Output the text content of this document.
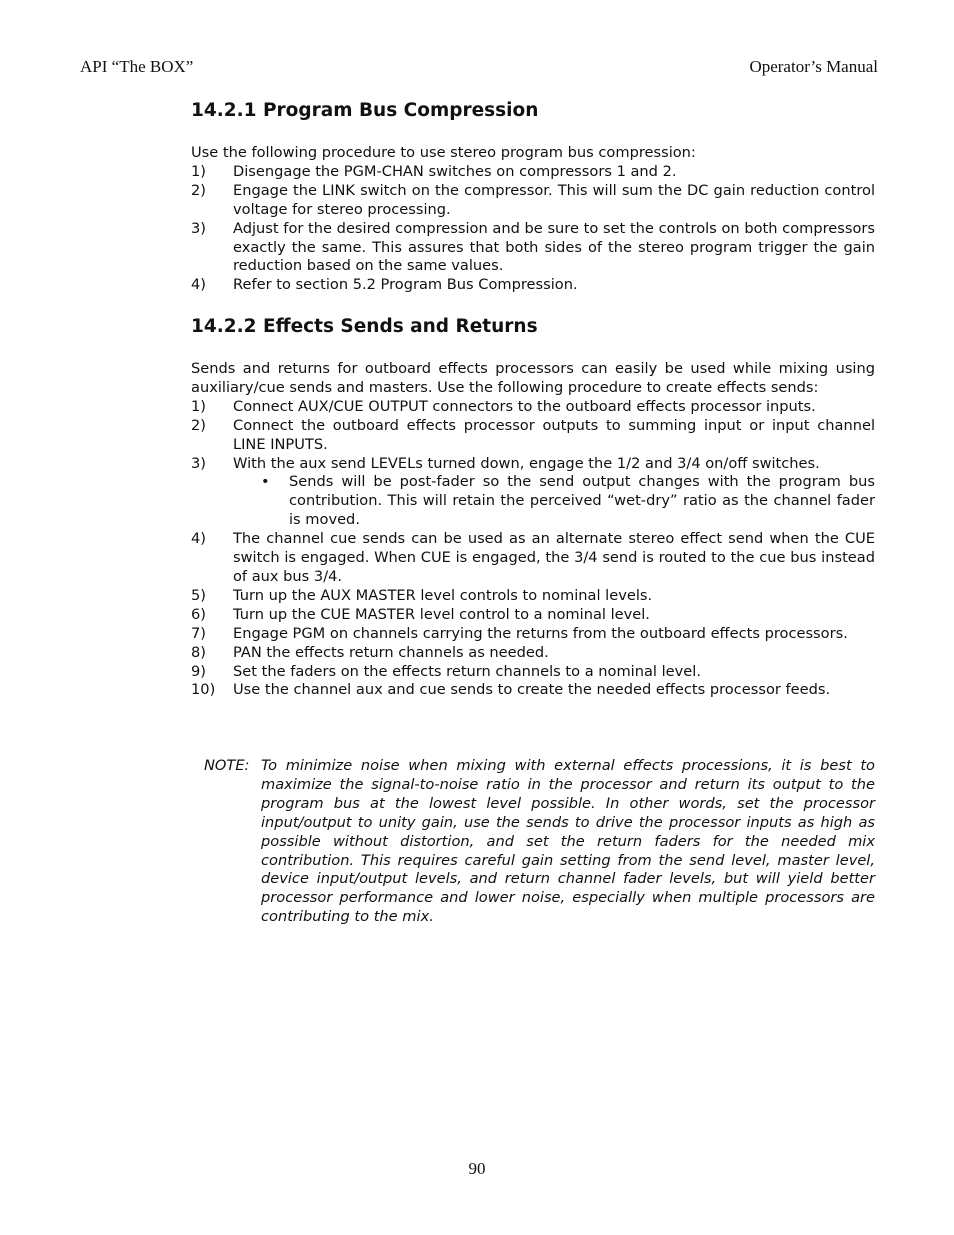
API “The BOX”	Operator’s Manual
14.2.1 Program Bus Compression

Use the following procedure to use stereo program bus compression:

1) Disengage the PGM-CHAN switches on compressors 1 and 2.
2) Engage the LINK switch on the compressor. This will sum the DC gain reduction control voltage for stereo processing.
3) Adjust for the desired compression and be sure to set the controls on both compressors exactly the same. This assures that both sides of the stereo program trigger the gain reduction based on the same values.
4) Refer to section 5.2 Program Bus Compression.
14.2.2 Effects Sends and Returns

Sends and returns for outboard effects processors can easily be used while mixing using auxiliary/cue sends and masters. Use the following procedure to create effects sends:

1) Connect AUX/CUE OUTPUT connectors to the outboard effects processor inputs.
2) Connect the outboard effects processor outputs to summing input or input channel LINE INPUTS.
3) With the aux send LEVELs turned down, engage the 1/2 and 3/4 on/off switches.
• Sends will be post-fader so the send output changes with the program bus contribution. This will retain the perceived “wet-dry” ratio as the channel fader is moved.
4) The channel cue sends can be used as an alternate stereo effect send when the CUE switch is engaged. When CUE is engaged, the 3/4 send is routed to the cue bus instead of aux bus 3/4.
5) Turn up the AUX MASTER level controls to nominal levels.
6) Turn up the CUE MASTER level control to a nominal level.
7) Engage PGM on channels carrying the returns from the outboard effects processors.
8) PAN the effects return channels as needed.
9) Set the faders on the effects return channels to a nominal level.
10) Use the channel aux and cue sends to create the needed effects processor feeds.
NOTE: To minimize noise when mixing with external effects processions, it is best to maximize the signal-to-noise ratio in the processor and return its output to the program bus at the lowest level possible. In other words, set the processor input/output to unity gain, use the sends to drive the processor inputs as high as possible without distortion, and set the return faders for the needed mix contribution. This requires careful gain setting from the send level, master level, device input/output levels, and return channel fader levels, but will yield better processor performance and lower noise, especially when multiple processors are contributing to the mix.
90
